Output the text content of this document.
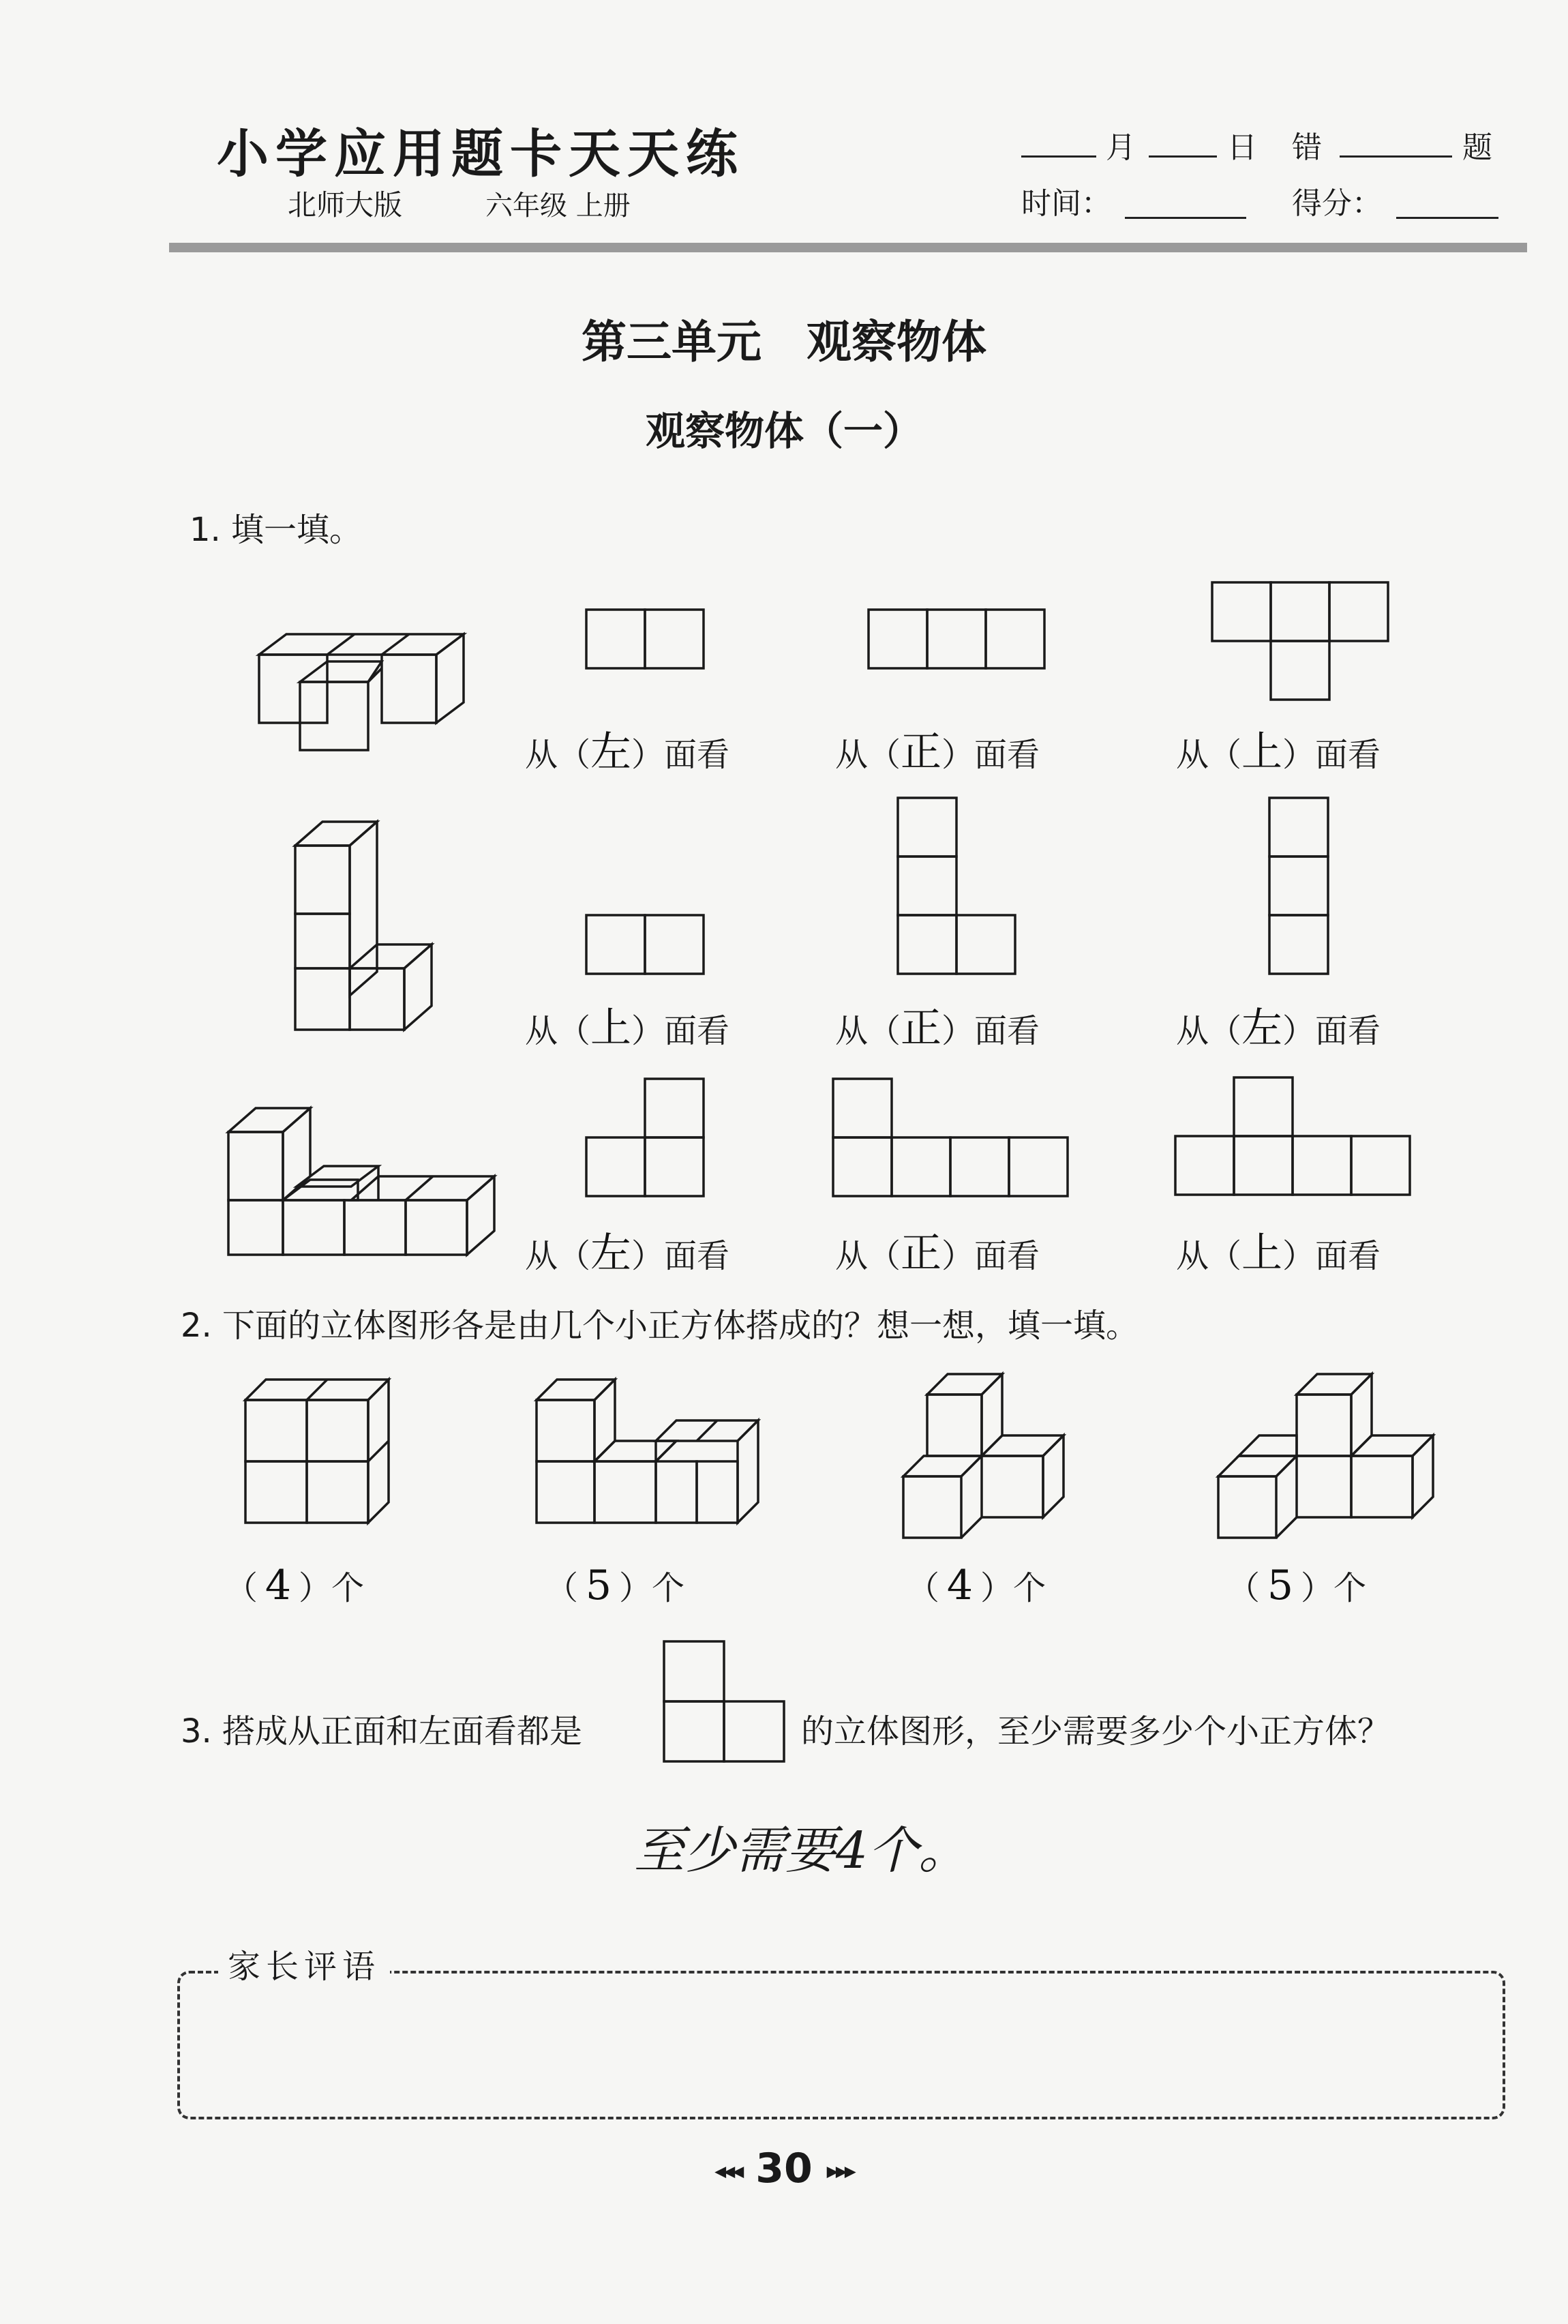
小学应用题卡天天练
北师大版	六年级 上册
月	日 错	题
时间：	得分：
第三单元　观察物体
观察物体（一）
1. 填一填。
从（左）面看	从（正）面看	从（上）面看
从（上）面看	从（正）面看	从（左）面看
从（左）面看	从（正）面看	从（上）面看
2. 下面的立体图形各是由几个小正方体搭成的？想一想，填一填。
（ 4 ）个	（ 5 ）个	（ 4 ）个	（ 5 ）个
3. 搭成从正面和左面看都是	的立体图形，至少需要多少个小正方体？
至少需要4个。
家长评语
◂◂◂ 30 ▸▸▸
